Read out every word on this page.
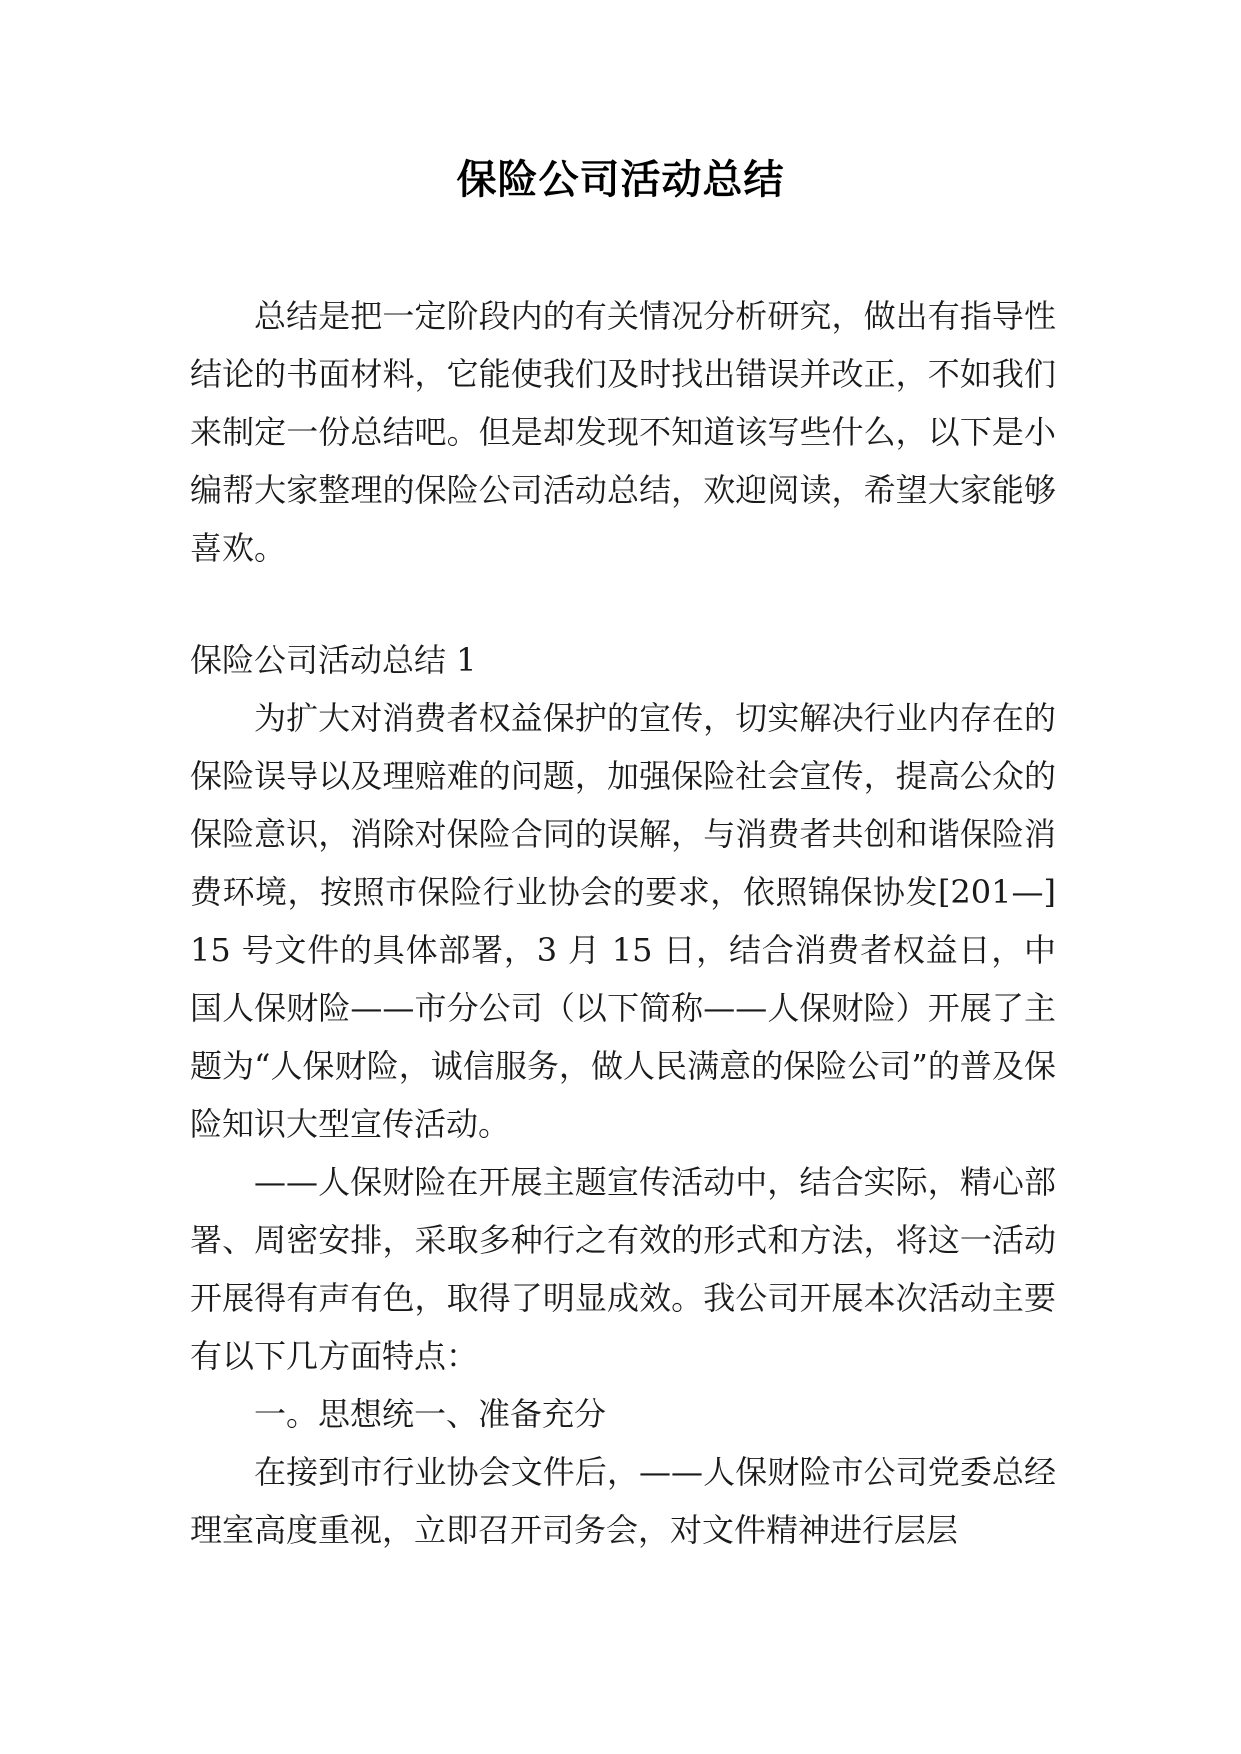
保险公司活动总结

总结是把一定阶段内的有关情况分析研究，做出有指导性结论的书面材料，它能使我们及时找出错误并改正，不如我们来制定一份总结吧。但是却发现不知道该写些什么，以下是小编帮大家整理的保险公司活动总结，欢迎阅读，希望大家能够喜欢。

保险公司活动总结 1

为扩大对消费者权益保护的宣传，切实解决行业内存在的保险误导以及理赔难的问题，加强保险社会宣传，提高公众的保险意识，消除对保险合同的误解，与消费者共创和谐保险消费环境，按照市保险行业协会的要求，依照锦保协发[201—]15 号文件的具体部署，3 月 15 日，结合消费者权益日，中国人保财险——市分公司（以下简称——人保财险）开展了主题为“人保财险，诚信服务，做人民满意的保险公司”的普及保险知识大型宣传活动。

——人保财险在开展主题宣传活动中，结合实际，精心部署、周密安排，采取多种行之有效的形式和方法，将这一活动开展得有声有色，取得了明显成效。我公司开展本次活动主要有以下几方面特点：

一。思想统一、准备充分

在接到市行业协会文件后，——人保财险市公司党委总经理室高度重视，立即召开司务会，对文件精神进行层层
